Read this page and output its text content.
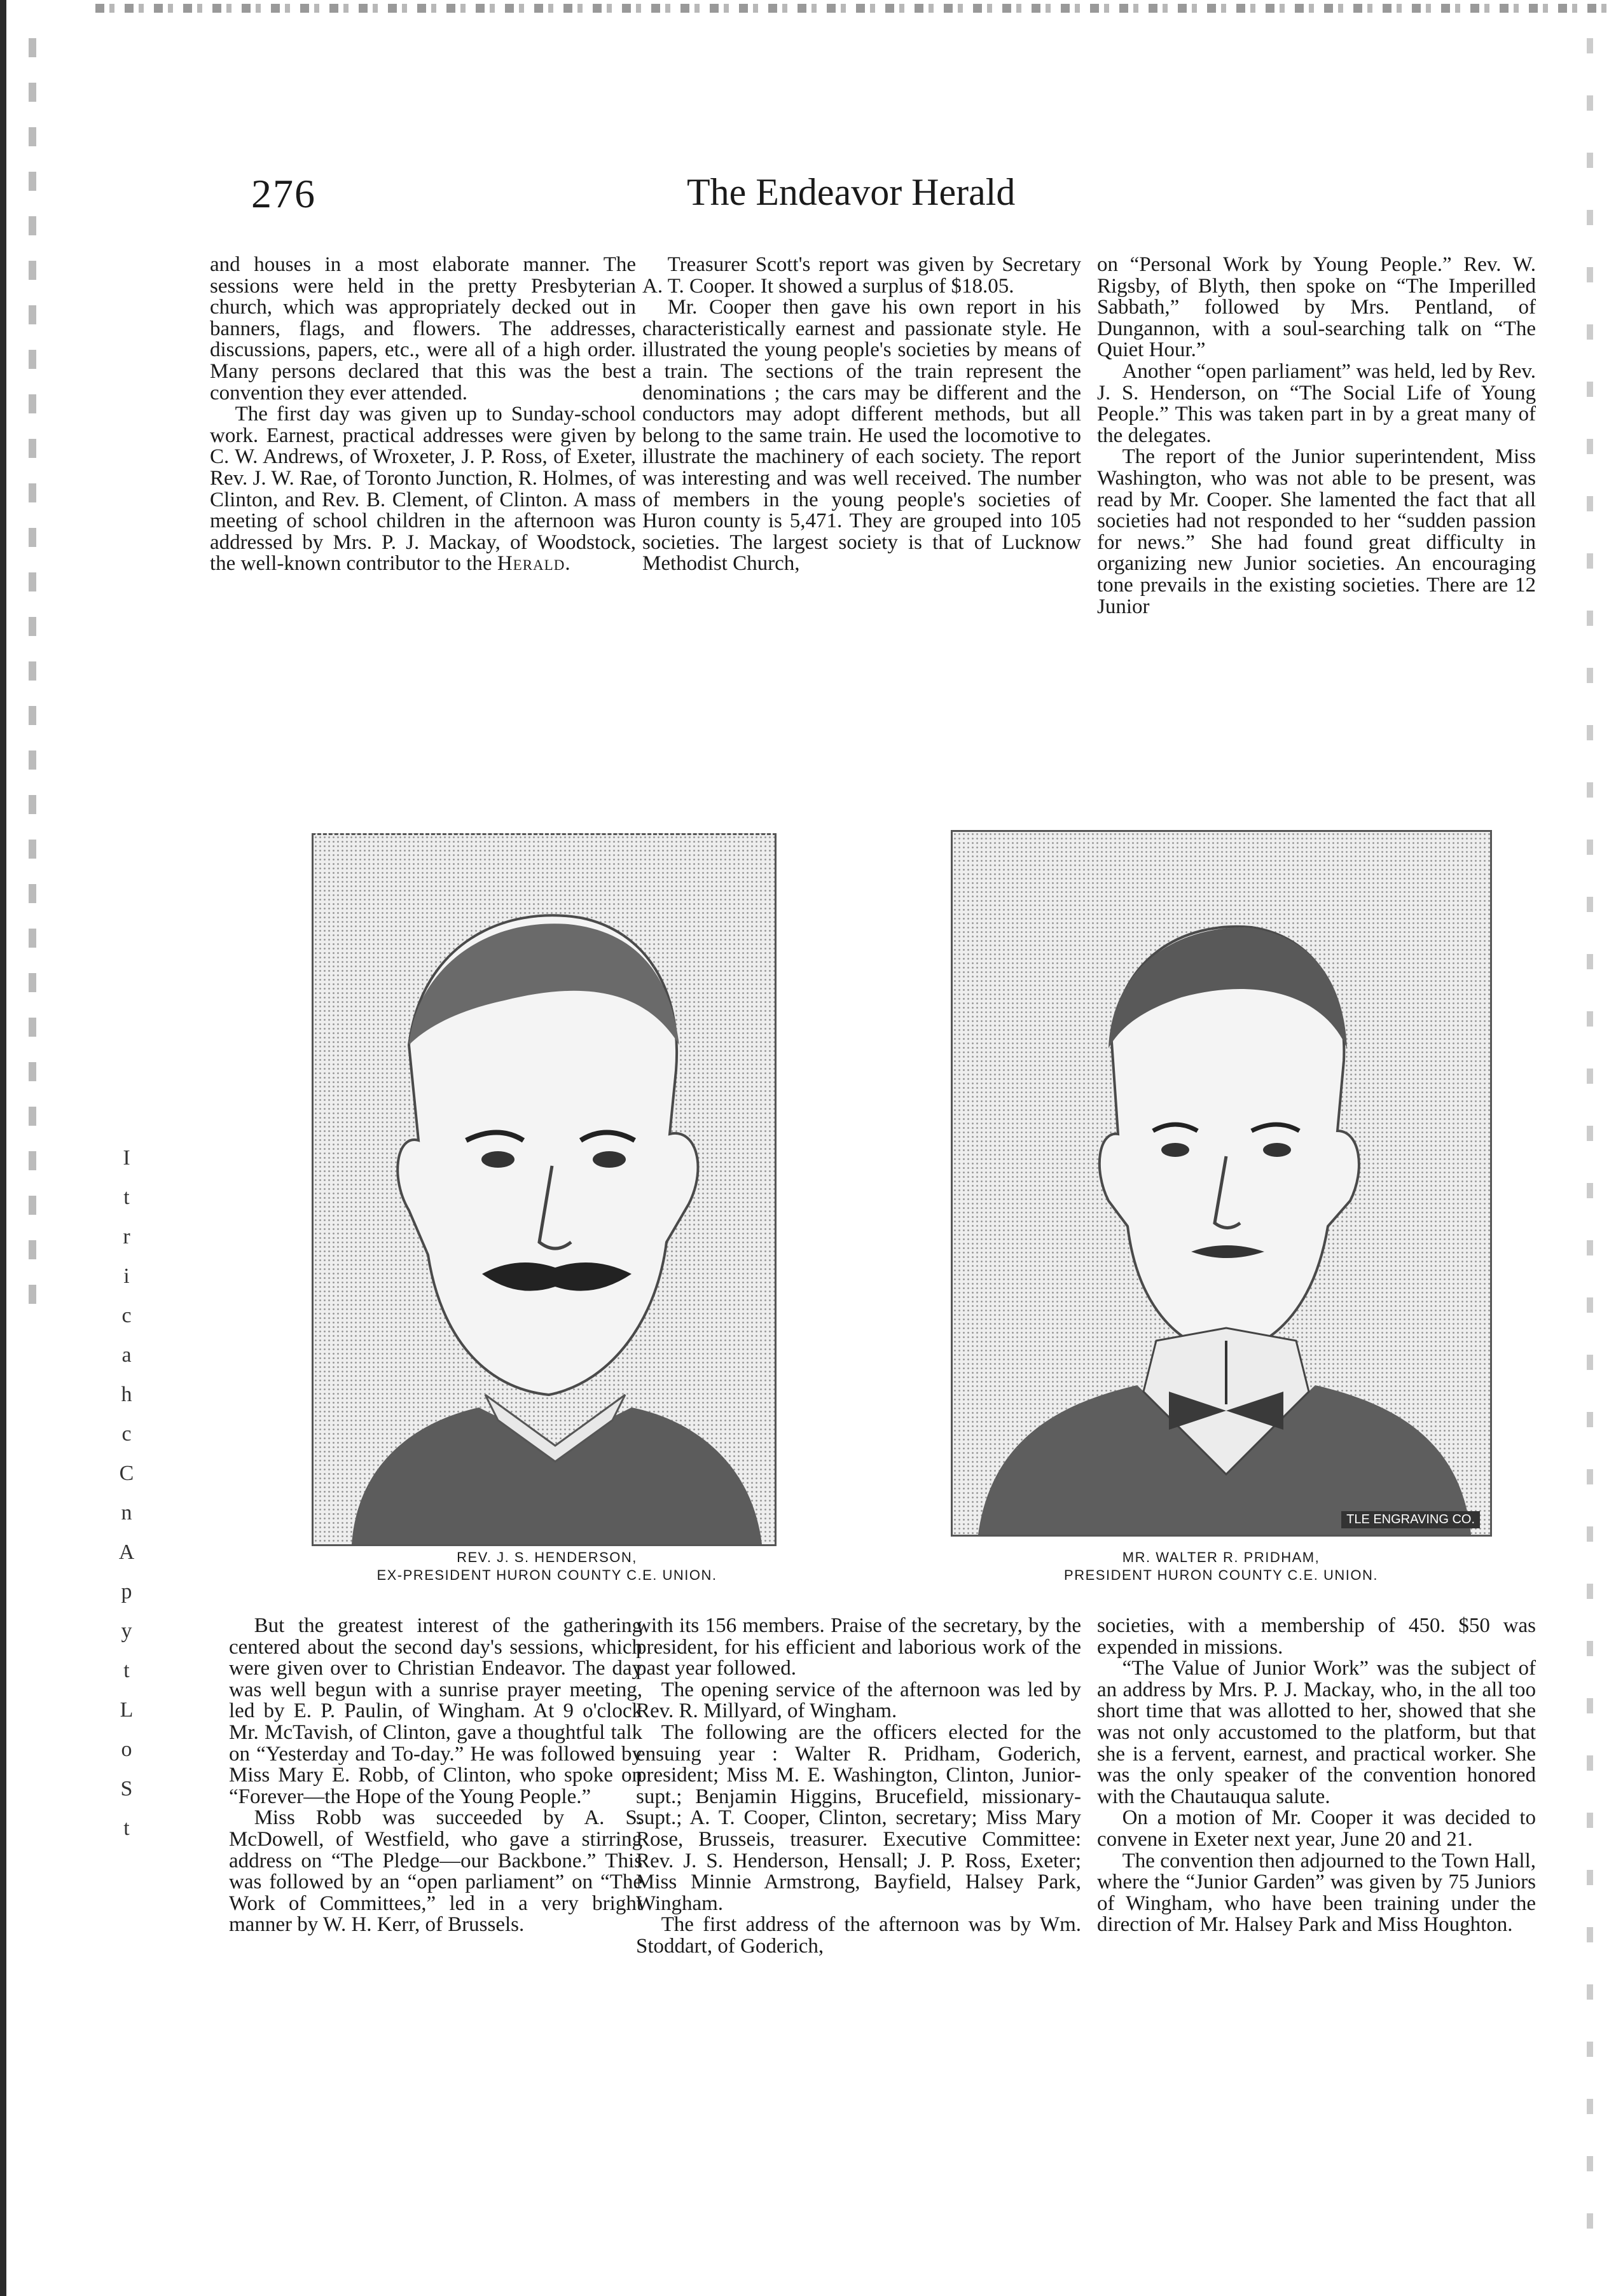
I
t
r
i
c
a
h
c
C
n
A
p
y
t
L
o
S
t
276	The Endeavor Herald

and houses in a most elaborate manner. The sessions were held in the pretty Presbyterian church, which was appropriately decked out in banners, flags, and flowers. The addresses, discussions, papers, etc., were all of a high order. Many persons declared that this was the best convention they ever attended.

The first day was given up to Sunday-school work. Earnest, practical addresses were given by C. W. Andrews, of Wroxeter, J. P. Ross, of Exeter, Rev. J. W. Rae, of Toronto Junction, R. Holmes, of Clinton, and Rev. B. Clement, of Clinton. A mass meeting of school children in the afternoon was addressed by Mrs. P. J. Mackay, of Woodstock, the well-known contributor to the Herald.

Treasurer Scott's report was given by Secretary A. T. Cooper. It showed a surplus of $18.05.

Mr. Cooper then gave his own report in his characteristically earnest and passionate style. He illustrated the young people's societies by means of a train. The sections of the train represent the denominations ; the cars may be different and the conductors may adopt different methods, but all belong to the same train. He used the locomotive to illustrate the machinery of each society. The report was interesting and was well received. The number of members in the young people's societies of Huron county is 5,471. They are grouped into 105 societies. The largest society is that of Lucknow Methodist Church,

on “Personal Work by Young People.” Rev. W. Rigsby, of Blyth, then spoke on “The Imperilled Sabbath,” followed by Mrs. Pentland, of Dungannon, with a soul-searching talk on “The Quiet Hour.”

Another “open parliament” was held, led by Rev. J. S. Henderson, on “The Social Life of Young People.” This was taken part in by a great many of the delegates.

The report of the Junior superintendent, Miss Washington, who was not able to be present, was read by Mr. Cooper. She lamented the fact that all societies had not responded to her “sudden passion for news.” She had found great difficulty in organizing new Junior societies. An encouraging tone prevails in the existing societies. There are 12 Junior

REV. J. S. HENDERSON,
EX-PRESIDENT HURON COUNTY C.E. UNION.
TLE ENGRAVING CO.
MR. WALTER R. PRIDHAM,
PRESIDENT HURON COUNTY C.E. UNION.

But the greatest interest of the gathering centered about the second day's sessions, which were given over to Christian Endeavor. The day was well begun with a sunrise prayer meeting, led by E. P. Paulin, of Wingham. At 9 o'clock Mr. McTavish, of Clinton, gave a thoughtful talk on “Yesterday and To-day.” He was followed by Miss Mary E. Robb, of Clinton, who spoke on “Forever—the Hope of the Young People.”

Miss Robb was succeeded by A. S. McDowell, of Westfield, who gave a stirring address on “The Pledge—our Backbone.” This was followed by an “open parliament” on “The Work of Committees,” led in a very bright manner by W. H. Kerr, of Brussels.

with its 156 members. Praise of the secretary, by the president, for his efficient and laborious work of the past year followed.

The opening service of the afternoon was led by Rev. R. Millyard, of Wingham.

The following are the officers elected for the ensuing year : Walter R. Pridham, Goderich, president; Miss M. E. Washington, Clinton, Junior-supt.; Benjamin Higgins, Brucefield, missionary-supt.; A. T. Cooper, Clinton, secretary; Miss Mary Rose, Brusseis, treasurer. Executive Committee: Rev. J. S. Henderson, Hensall; J. P. Ross, Exeter; Miss Minnie Armstrong, Bayfield, Halsey Park, Wingham.

The first address of the afternoon was by Wm. Stoddart, of Goderich,

societies, with a membership of 450. $50 was expended in missions.

“The Value of Junior Work” was the subject of an address by Mrs. P. J. Mackay, who, in the all too short time that was allotted to her, showed that she was not only accustomed to the platform, but that she is a fervent, earnest, and practical worker. She was the only speaker of the convention honored with the Chautauqua salute.

On a motion of Mr. Cooper it was decided to convene in Exeter next year, June 20 and 21.

The convention then adjourned to the Town Hall, where the “Junior Garden” was given by 75 Juniors of Wingham, who have been training under the direction of Mr. Halsey Park and Miss Houghton.
